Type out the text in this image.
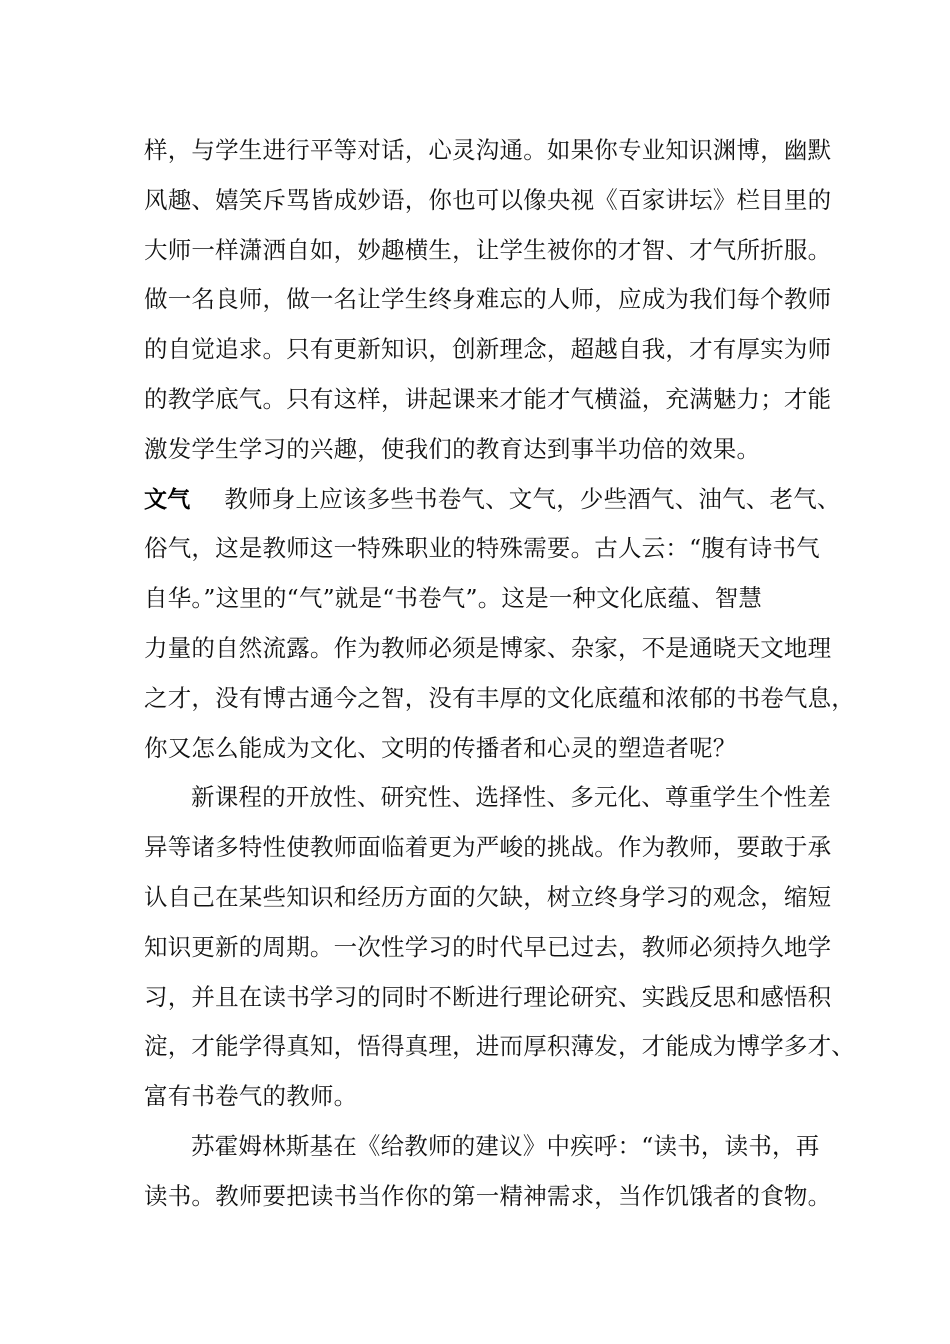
样，与学生进行平等对话，心灵沟通。如果你专业知识渊博，幽默
风趣、嬉笑斥骂皆成妙语，你也可以像央视《百家讲坛》栏目里的
大师一样潇洒自如，妙趣横生，让学生被你的才智、才气所折服。
做一名良师，做一名让学生终身难忘的人师，应成为我们每个教师
的自觉追求。只有更新知识，创新理念，超越自我，才有厚实为师
的教学底气。只有这样，讲起课来才能才气横溢，充满魅力；才能
激发学生学习的兴趣，使我们的教育达到事半功倍的效果。
文气 教师身上应该多些书卷气、文气，少些酒气、油气、老气、
俗气，这是教师这一特殊职业的特殊需要。古人云：“腹有诗书气
自华。”这里的“气”就是“书卷气”。这是一种文化底蕴、智慧
力量的自然流露。作为教师必须是博家、杂家，不是通晓天文地理
之才，没有博古通今之智，没有丰厚的文化底蕴和浓郁的书卷气息，
你又怎么能成为文化、文明的传播者和心灵的塑造者呢？
新课程的开放性、研究性、选择性、多元化、尊重学生个性差
异等诸多特性使教师面临着更为严峻的挑战。作为教师，要敢于承
认自己在某些知识和经历方面的欠缺，树立终身学习的观念，缩短
知识更新的周期。一次性学习的时代早已过去，教师必须持久地学
习，并且在读书学习的同时不断进行理论研究、实践反思和感悟积
淀，才能学得真知，悟得真理，进而厚积薄发，才能成为博学多才、
富有书卷气的教师。
苏霍姆林斯基在《给教师的建议》中疾呼：“读书，读书，再
读书。教师要把读书当作你的第一精神需求，当作饥饿者的食物。
